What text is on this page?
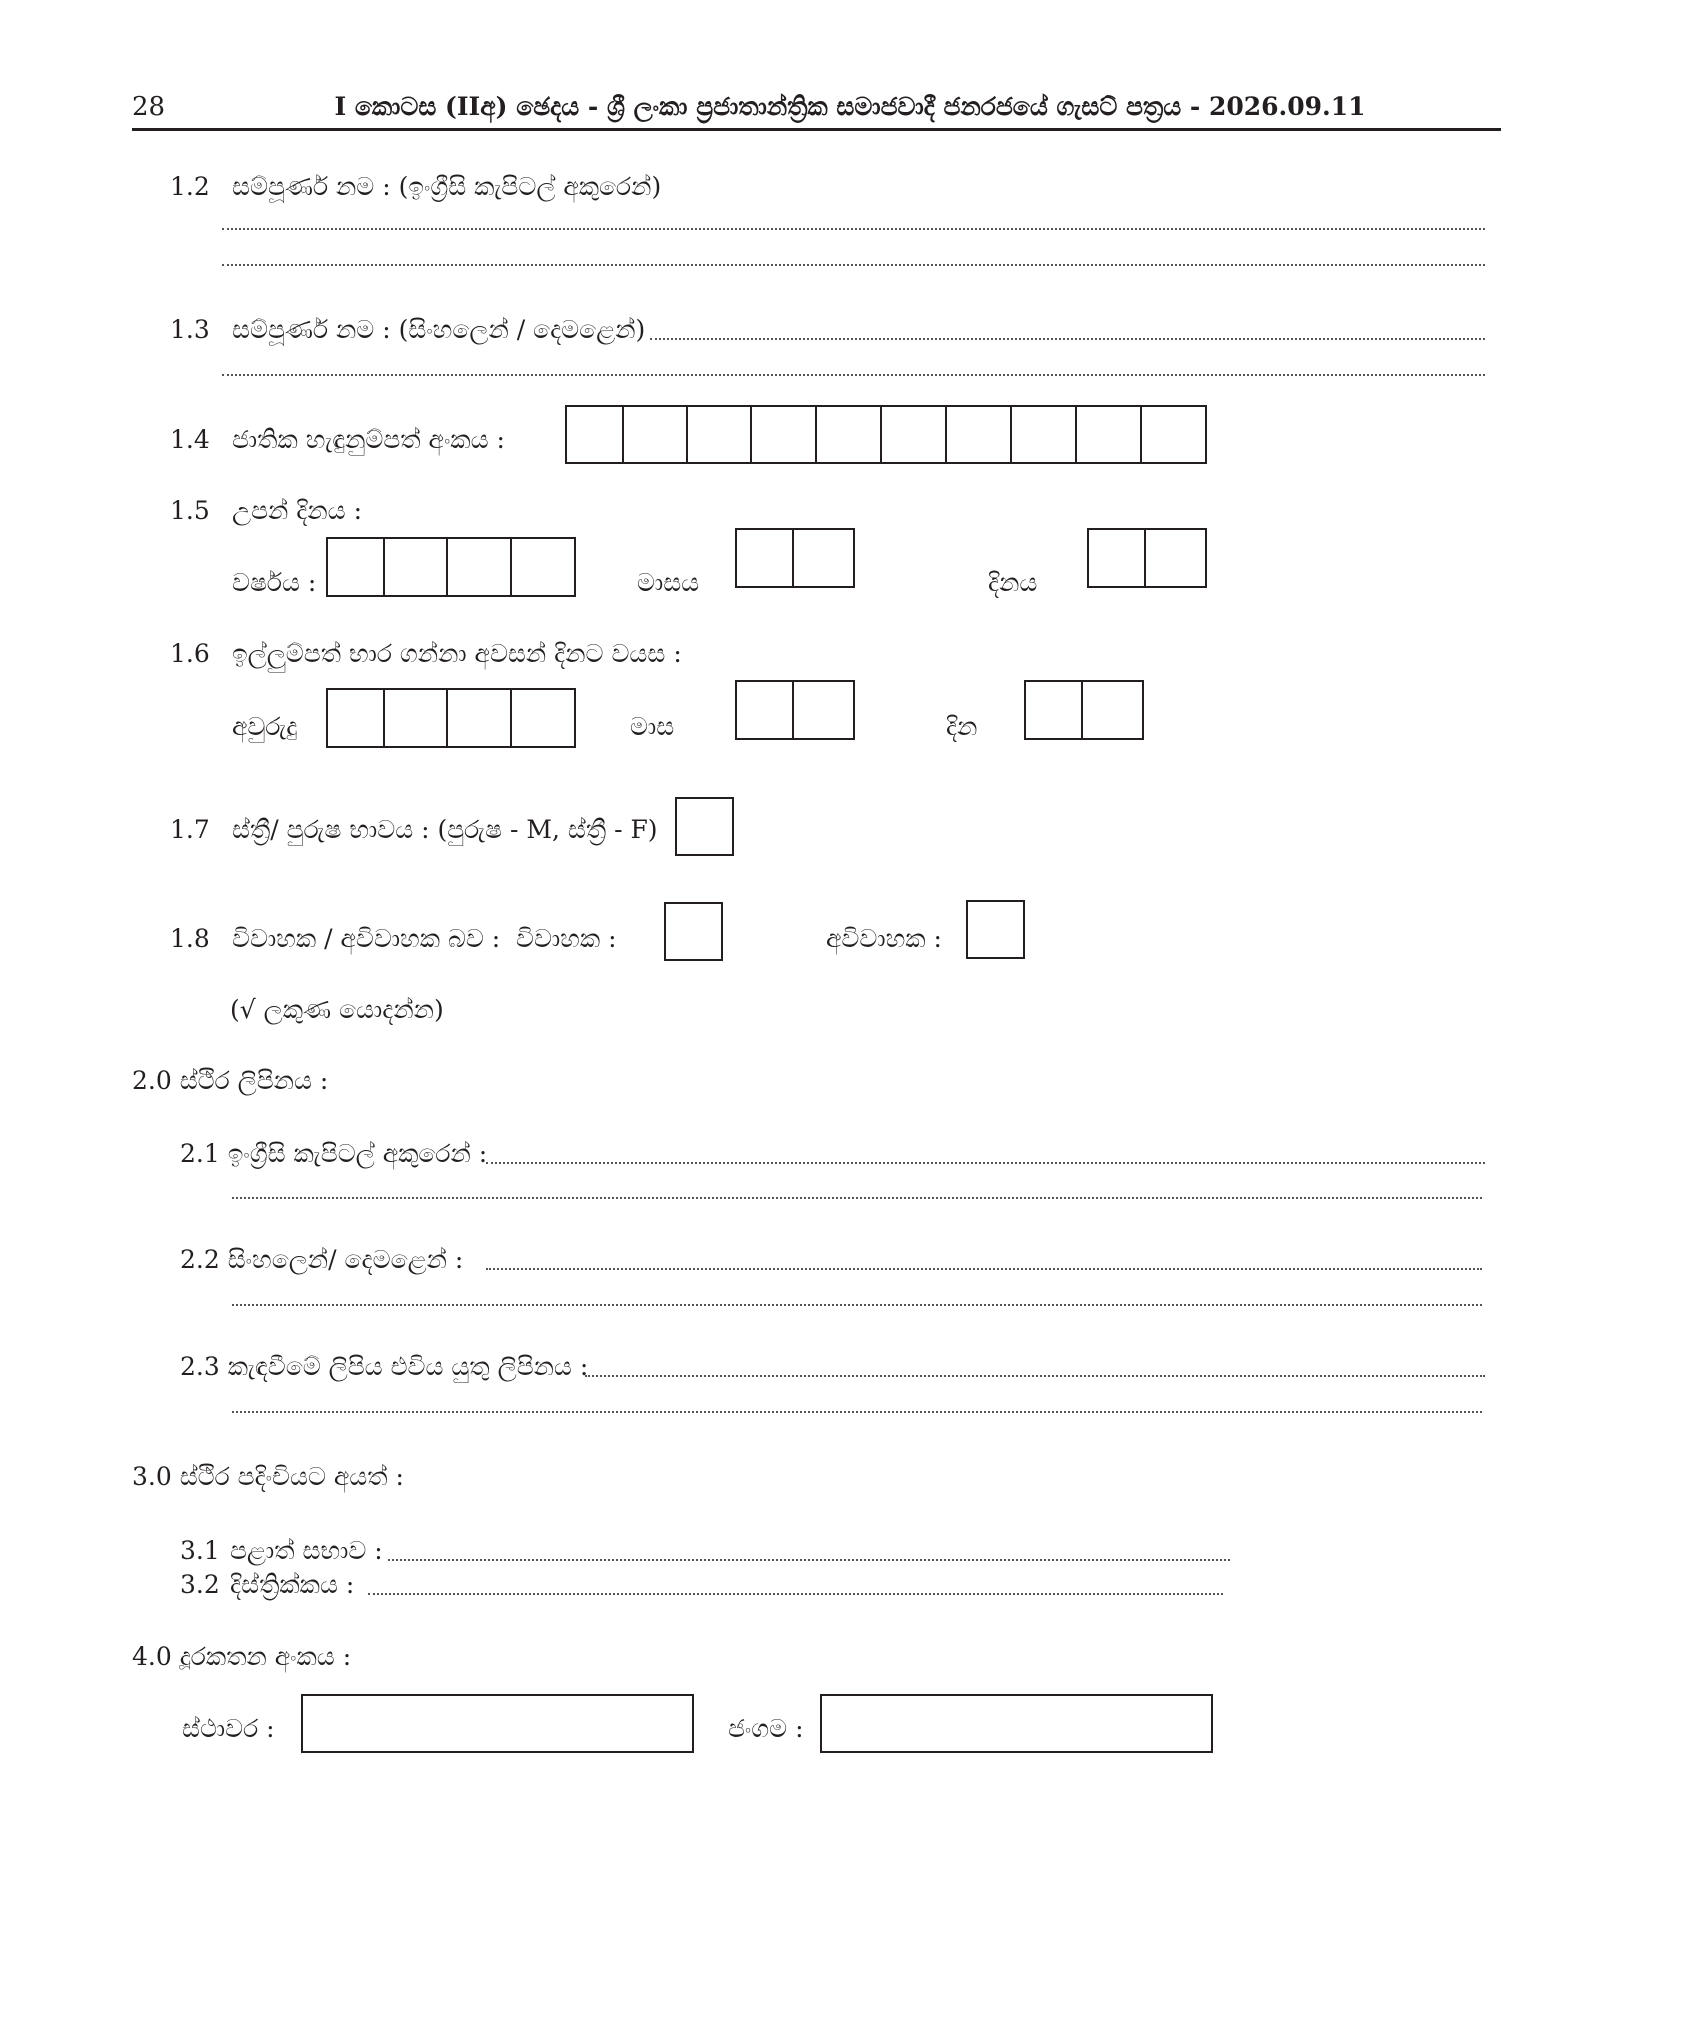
28	I කොටස (IIඅ) ඡෙදය - ශ්‍රී ලංකා ප්‍රජාතාන්ත්‍රික සමාජවාදී ජනරජයේ ගැසට් පත්‍රය - 2026.09.11
1.2 සම්පූර්ණ නම : (ඉංග්‍රීසි කැපිටල් අකුරෙන්)
1.3 සම්පූර්ණ නම : (සිංහලෙන් / දෙමළෙන්)
1.4 ජාතික හැඳුනුම්පත් අංකය :
1.5 උපන් දිනය :
වර්ෂය :	මාසය	දිනය
1.6 ඉල්ලුම්පත් භාර ගන්නා අවසන් දිනට වයස :
අවුරුදු	මාස	දින
1.7 ස්ත්‍රී/ පුරුෂ භාවය : (පුරුෂ - M, ස්ත්‍රී - F)
1.8 විවාහක / අවිවාහක බව : විවාහක :	අවිවාහක :
(√ ලකුණ යොදන්න)
2.0 ස්ථිර ලිපිනය :
2.1 ඉංග්‍රීසි කැපිටල් අකුරෙන් :
2.2 සිංහලෙන්/ දෙමළෙන් :
2.3 කැඳවීමේ ලිපිය එවිය යුතු ලිපිනය :
3.0 ස්ථිර පදිංචියට අයත් :
3.1 පළාත් සභාව :
3.2 දිස්ත්‍රික්කය :
4.0 දූරකතන අංකය :
ස්ථාවර :	ජංගම :
